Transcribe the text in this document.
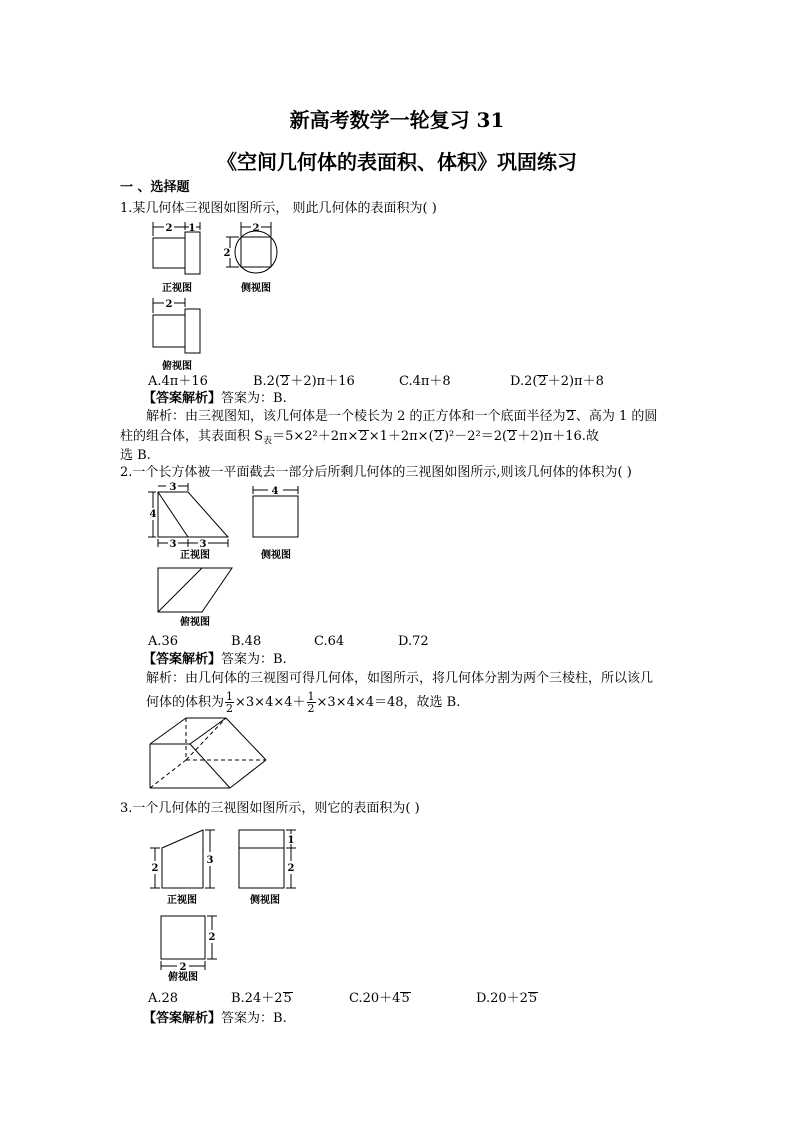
新高考数学一轮复习 31
《空间几何体的表面积、体积》巩固练习
一 、选择题
1.某几何体三视图如图所示， 则此几何体的表面积为( )
2 1	2
2
2
正视图	侧视图
俯视图
A.4π＋16	B.2(2＋2)π＋16	C.4π＋8	D.2(2＋2)π＋8
【答案解析】答案为：B.
解析：由三视图知，该几何体是一个棱长为 2 的正方体和一个底面半径为2、高为 1 的圆
柱的组合体，其表面积 $S_表=5\times 2^2+2\pi\times 2\times 1+2\pi\times(2)^2-2^2=2(2+2)\pi+16$.故
选 B.
2.一个长方体被一平面截去一部分后所剩几何体的三视图如图所示,则该几何体的体积为( )
3
4
3 3
4
正视图	侧视图
俯视图
A.36	B.48	C.64	D.72
【答案解析】答案为：B.
解析：由几何体的三视图可得几何体，如图所示，将几何体分割为两个三棱柱，所以该几
何体的体积为 $\frac{1}{2} \times 3\times 4\times 4+ \frac{1}{2} \times 3\times 4\times 4=48$，故选 B.
3.一个几何体的三视图如图所示，则它的表面积为( )
2
3
1
2
2
2
正视图	侧视图
俯视图
A.28	B.24＋25	C.20＋45	D.20＋25
【答案解析】答案为：B.
